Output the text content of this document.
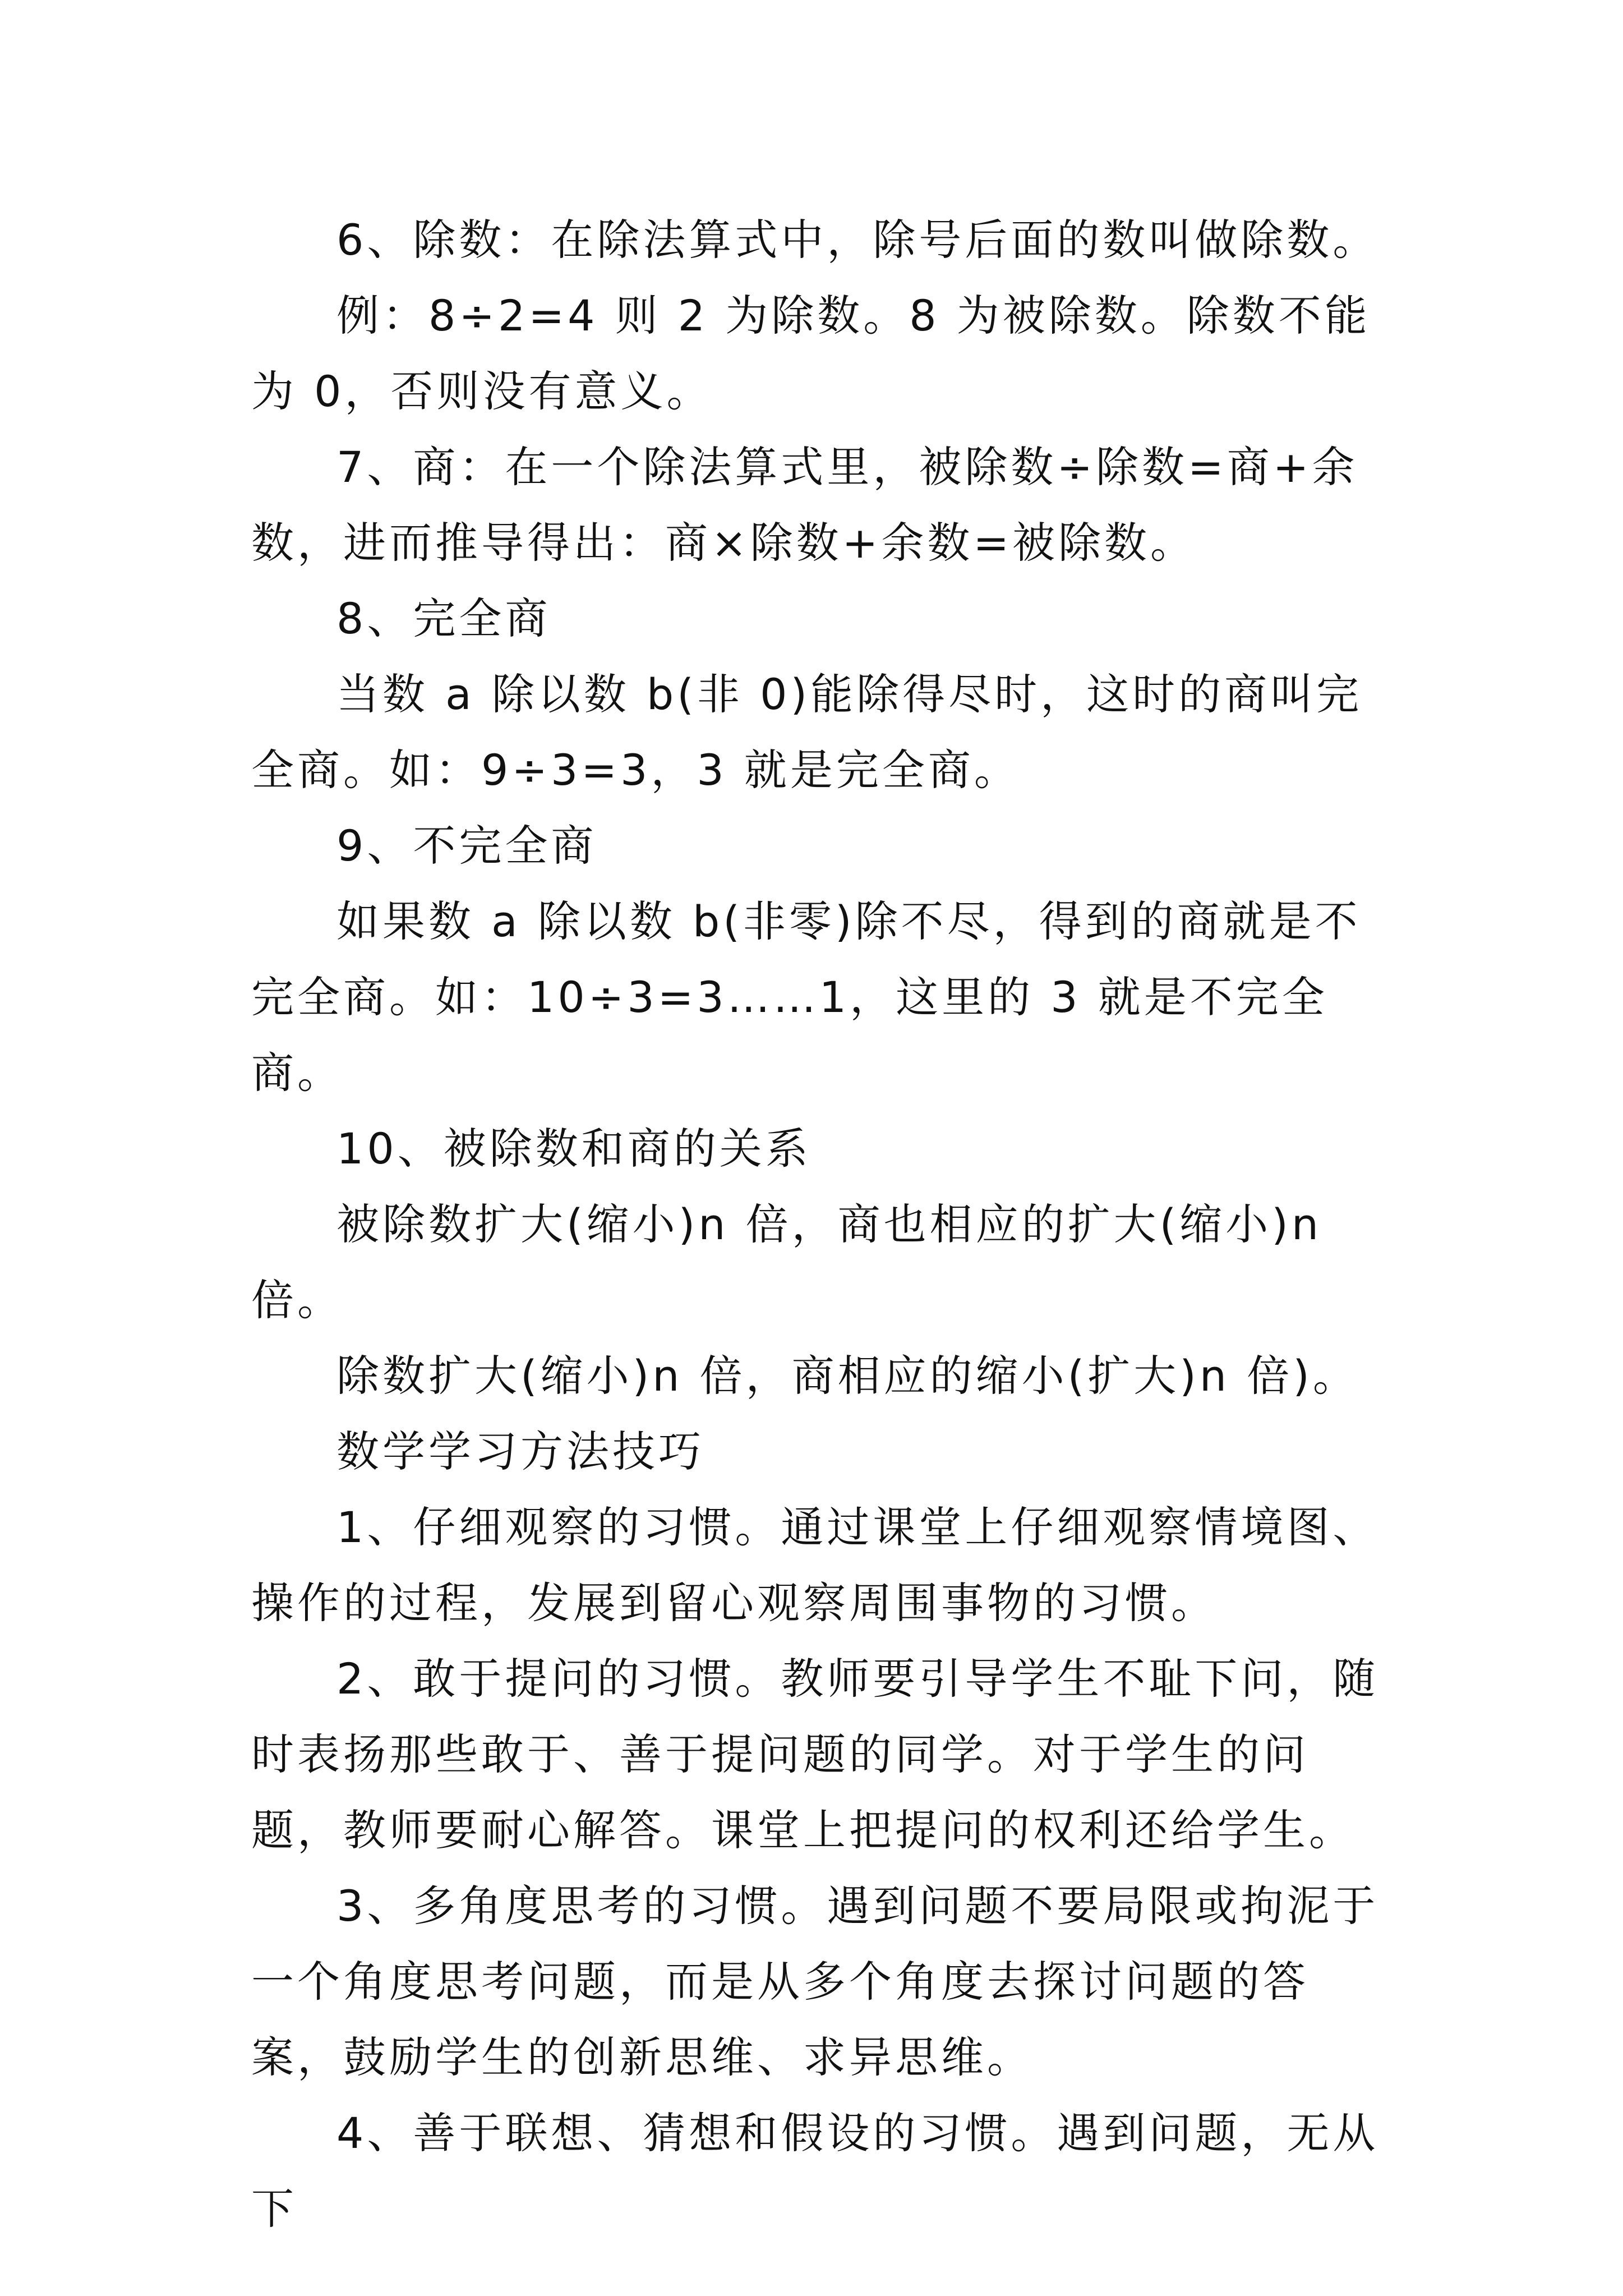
6、除数：在除法算式中，除号后面的数叫做除数。

例：8÷2=4 则 2 为除数。8 为被除数。除数不能为 0，否则没有意义。

7、商：在一个除法算式里，被除数÷除数=商+余数，进而推导得出：商×除数+余数=被除数。

8、完全商

当数 a 除以数 b(非 0)能除得尽时，这时的商叫完全商。如：9÷3=3，3 就是完全商。

9、不完全商

如果数 a 除以数 b(非零)除不尽，得到的商就是不完全商。如：10÷3=3……1，这里的 3 就是不完全商。

10、被除数和商的关系

被除数扩大(缩小)n 倍，商也相应的扩大(缩小)n 倍。

除数扩大(缩小)n 倍，商相应的缩小(扩大)n 倍)。

数学学习方法技巧

1、仔细观察的习惯。通过课堂上仔细观察情境图、操作的过程，发展到留心观察周围事物的习惯。

2、敢于提问的习惯。教师要引导学生不耻下问，随时表扬那些敢于、善于提问题的同学。对于学生的问题，教师要耐心解答。课堂上把提问的权利还给学生。

3、多角度思考的习惯。遇到问题不要局限或拘泥于一个角度思考问题，而是从多个角度去探讨问题的答案，鼓励学生的创新思维、求异思维。

4、善于联想、猜想和假设的习惯。遇到问题，无从下
